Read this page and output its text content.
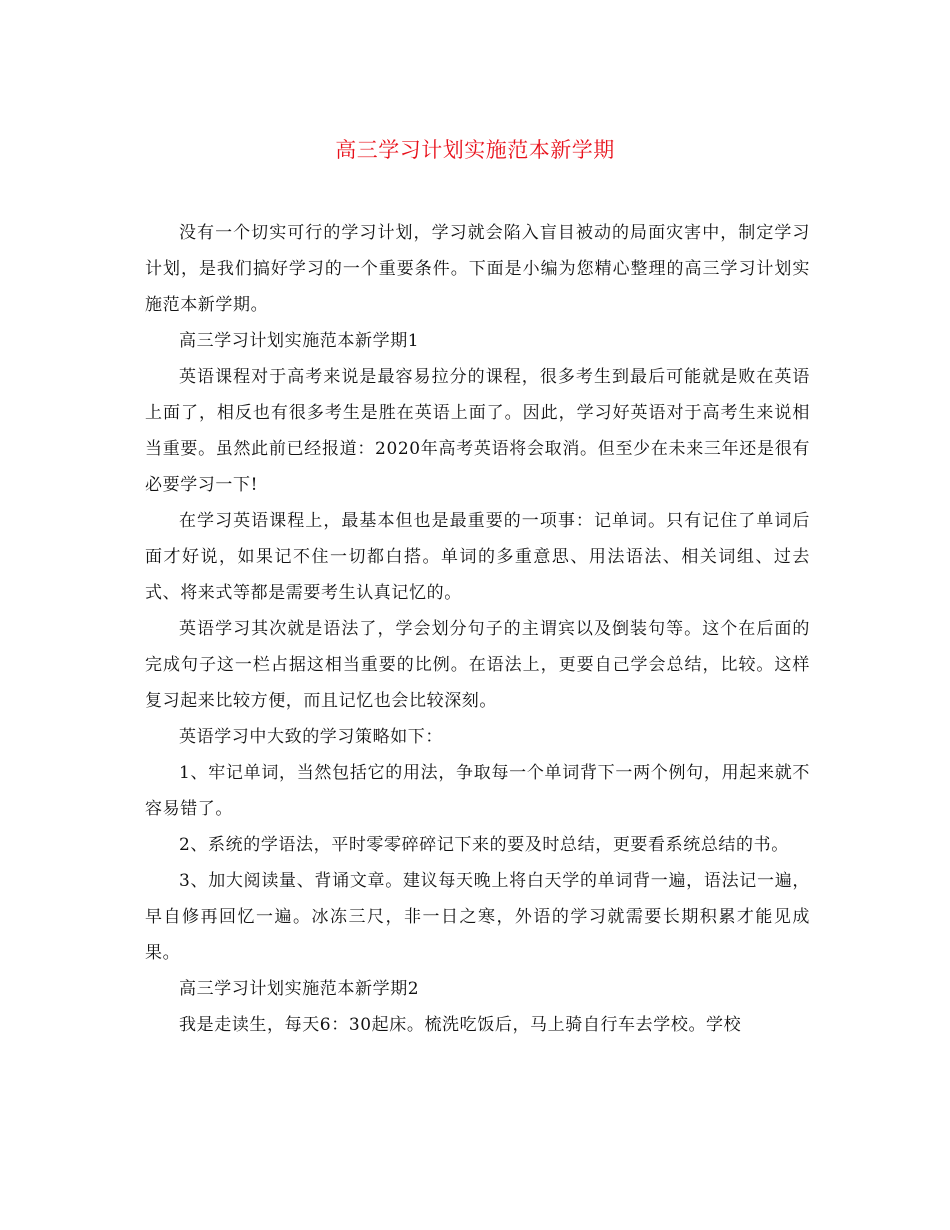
高三学习计划实施范本新学期

没有一个切实可行的学习计划，学习就会陷入盲目被动的局面灾害中，制定学习计划，是我们搞好学习的一个重要条件。下面是小编为您精心整理的高三学习计划实施范本新学期。

高三学习计划实施范本新学期1

英语课程对于高考来说是最容易拉分的课程，很多考生到最后可能就是败在英语上面了，相反也有很多考生是胜在英语上面了。因此，学习好英语对于高考生来说相当重要。虽然此前已经报道：2020年高考英语将会取消。但至少在未来三年还是很有必要学习一下!

在学习英语课程上，最基本但也是最重要的一项事：记单词。只有记住了单词后面才好说，如果记不住一切都白搭。单词的多重意思、用法语法、相关词组、过去式、将来式等都是需要考生认真记忆的。

英语学习其次就是语法了，学会划分句子的主谓宾以及倒装句等。这个在后面的完成句子这一栏占据这相当重要的比例。在语法上，更要自己学会总结，比较。这样复习起来比较方便，而且记忆也会比较深刻。

英语学习中大致的学习策略如下：

1、牢记单词，当然包括它的用法，争取每一个单词背下一两个例句，用起来就不容易错了。

2、系统的学语法，平时零零碎碎记下来的要及时总结，更要看系统总结的书。

3、加大阅读量、背诵文章。建议每天晚上将白天学的单词背一遍，语法记一遍，早自修再回忆一遍。冰冻三尺，非一日之寒，外语的学习就需要长期积累才能见成果。

高三学习计划实施范本新学期2

我是走读生，每天6：30起床。梳洗吃饭后，马上骑自行车去学校。学校
